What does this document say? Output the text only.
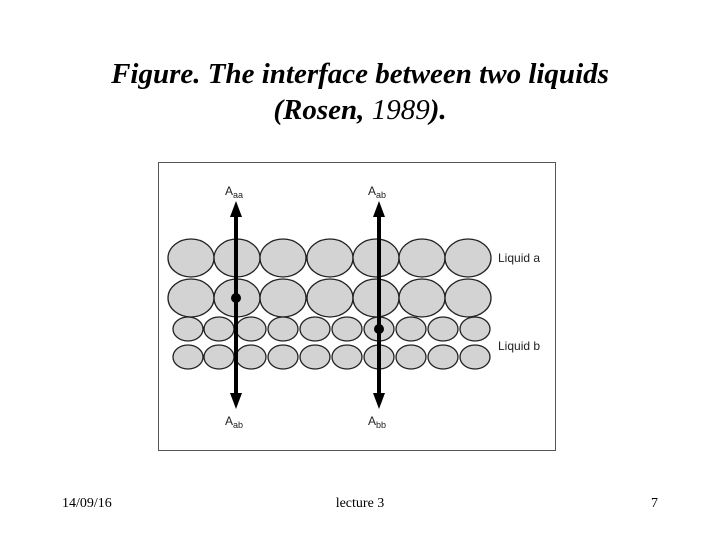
Figure. The interface between two liquids
(Rosen, 1989).
$A_{aa}$	$A_{ab}$
$A_{ab}$	$A_{bb}$
Liquid a
Liquid b
14/09/16	lecture 3	7
